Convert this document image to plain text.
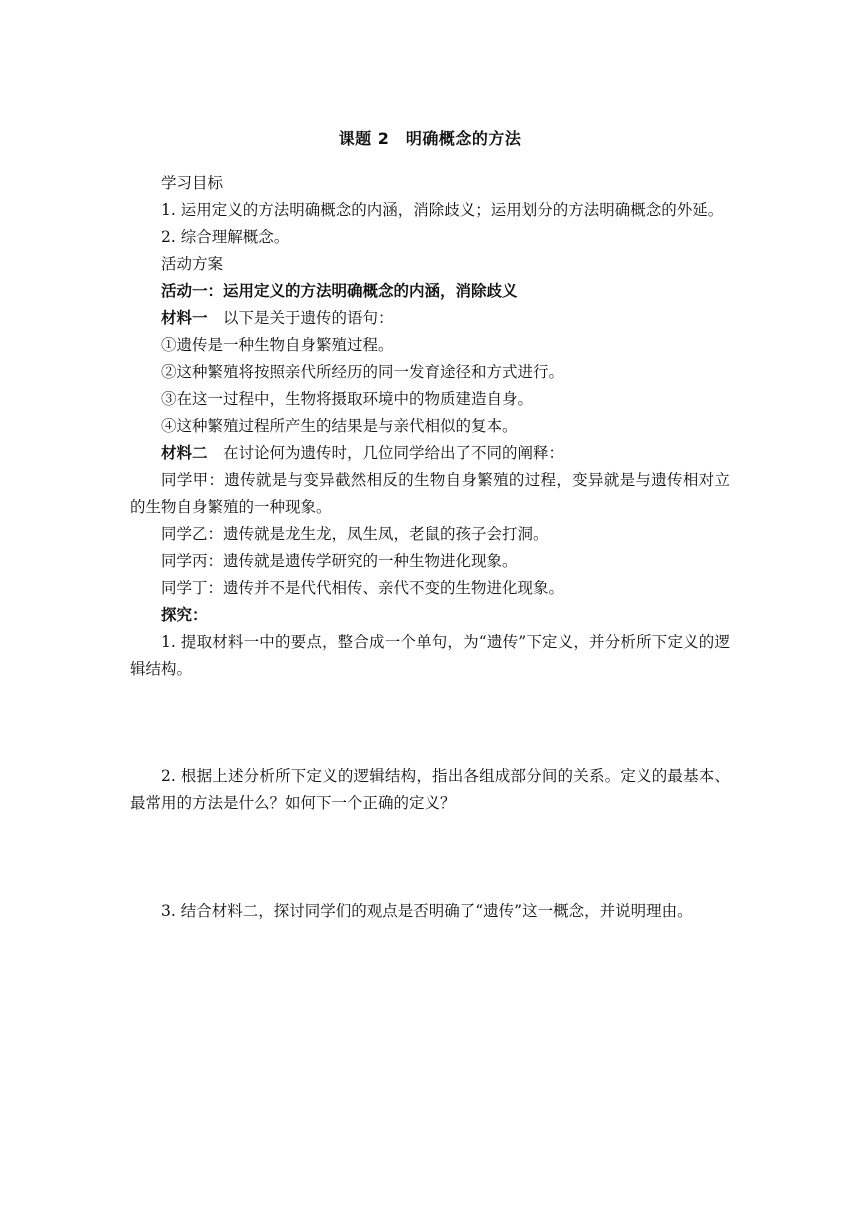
课题 2　明确概念的方法

学习目标

1. 运用定义的方法明确概念的内涵，消除歧义；运用划分的方法明确概念的外延。

2. 综合理解概念。

活动方案

活动一：运用定义的方法明确概念的内涵，消除歧义

材料一　以下是关于遗传的语句：

①遗传是一种生物自身繁殖过程。

②这种繁殖将按照亲代所经历的同一发育途径和方式进行。

③在这一过程中，生物将摄取环境中的物质建造自身。

④这种繁殖过程所产生的结果是与亲代相似的复本。

材料二　在讨论何为遗传时，几位同学给出了不同的阐释：

同学甲：遗传就是与变异截然相反的生物自身繁殖的过程，变异就是与遗传相对立的生物自身繁殖的一种现象。

同学乙：遗传就是龙生龙，凤生凤，老鼠的孩子会打洞。

同学丙：遗传就是遗传学研究的一种生物进化现象。

同学丁：遗传并不是代代相传、亲代不变的生物进化现象。

探究：

1. 提取材料一中的要点，整合成一个单句，为“遗传”下定义，并分析所下定义的逻辑结构。

2. 根据上述分析所下定义的逻辑结构，指出各组成部分间的关系。定义的最基本、最常用的方法是什么？如何下一个正确的定义？

3. 结合材料二，探讨同学们的观点是否明确了“遗传”这一概念，并说明理由。
